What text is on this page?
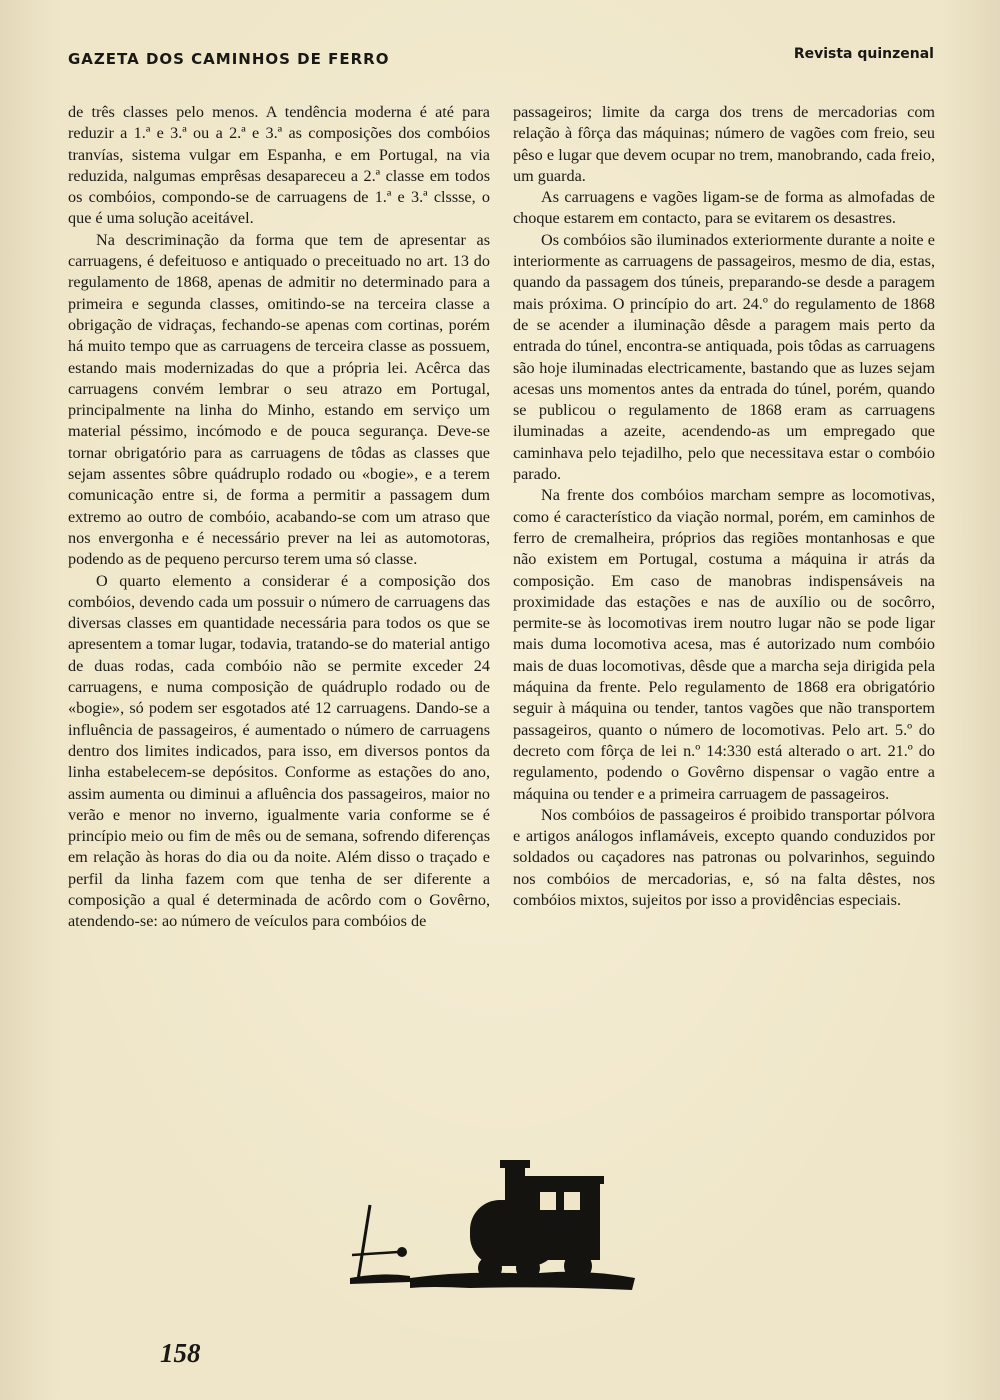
GAZETA DOS CAMINHOS DE FERRO	Revista quinzenal

de três classes pelo menos. A tendência moderna é até para reduzir a 1.ª e 3.ª ou a 2.ª e 3.ª as composições dos combóios tranvías, sistema vulgar em Espanha, e em Portugal, na via reduzida, nalgumas emprêsas desapareceu a 2.ª classe em todos os combóios, compondo-se de carruagens de 1.ª e 3.ª clssse, o que é uma solução aceitável.

Na descriminação da forma que tem de apresentar as carruagens, é defeituoso e antiquado o preceituado no art. 13 do regulamento de 1868, apenas de admitir no determinado para a primeira e segunda classes, omitindo-se na terceira classe a obrigação de vidraças, fechando-se apenas com cortinas, porém há muito tempo que as carruagens de terceira classe as possuem, estando mais modernizadas do que a própria lei. Acêrca das carruagens convém lembrar o seu atrazo em Portugal, principalmente na linha do Minho, estando em serviço um material péssimo, incómodo e de pouca segurança. Deve-se tornar obrigatório para as carruagens de tôdas as classes que sejam assentes sôbre quádruplo rodado ou «bogie», e a terem comunicação entre si, de forma a permitir a passagem dum extremo ao outro de combóio, acabando-se com um atraso que nos envergonha e é necessário prever na lei as automotoras, podendo as de pequeno percurso terem uma só classe.

O quarto elemento a considerar é a composição dos combóios, devendo cada um possuir o número de carruagens das diversas classes em quantidade necessária para todos os que se apresentem a tomar lugar, todavia, tratando-se do material antigo de duas rodas, cada combóio não se permite exceder 24 carruagens, e numa composição de quádruplo rodado ou de «bogie», só podem ser esgotados até 12 carruagens. Dando-se a influência de passageiros, é aumentado o número de carruagens dentro dos limites indicados, para isso, em diversos pontos da linha estabelecem-se depósitos. Conforme as estações do ano, assim aumenta ou diminui a afluência dos passageiros, maior no verão e menor no inverno, igualmente varia conforme se é princípio meio ou fim de mês ou de semana, sofrendo diferenças em relação às horas do dia ou da noite. Além disso o traçado e perfil da linha fazem com que tenha de ser diferente a composição a qual é determinada de acôrdo com o Govêrno, atendendo-se: ao número de veículos para combóios de

passageiros; limite da carga dos trens de mercadorias com relação à fôrça das máquinas; número de vagões com freio, seu pêso e lugar que devem ocupar no trem, manobrando, cada freio, um guarda.

As carruagens e vagões ligam-se de forma as almofadas de choque estarem em contacto, para se evitarem os desastres.

Os combóios são iluminados exteriormente durante a noite e interiormente as carruagens de passageiros, mesmo de dia, estas, quando da passagem dos túneis, preparando-se desde a paragem mais próxima. O princípio do art. 24.º do regulamento de 1868 de se acender a iluminação dêsde a paragem mais perto da entrada do túnel, encontra-se antiquada, pois tôdas as carruagens são hoje iluminadas electricamente, bastando que as luzes sejam acesas uns momentos antes da entrada do túnel, porém, quando se publicou o regulamento de 1868 eram as carruagens iluminadas a azeite, acendendo-as um empregado que caminhava pelo tejadilho, pelo que necessitava estar o combóio parado.

Na frente dos combóios marcham sempre as locomotivas, como é característico da viação normal, porém, em caminhos de ferro de cremalheira, próprios das regiões montanhosas e que não existem em Portugal, costuma a máquina ir atrás da composição. Em caso de manobras indispensáveis na proximidade das estações e nas de auxílio ou de socôrro, permite-se às locomotivas irem noutro lugar não se pode ligar mais duma locomotiva acesa, mas é autorizado num combóio mais de duas locomotivas, dêsde que a marcha seja dirigida pela máquina da frente. Pelo regulamento de 1868 era obrigatório seguir à máquina ou tender, tantos vagões que não transportem passageiros, quanto o número de locomotivas. Pelo art. 5.º do decreto com fôrça de lei n.º 14:330 está alterado o art. 21.º do regulamento, podendo o Govêrno dispensar o vagão entre a máquina ou tender e a primeira carruagem de passageiros.

Nos combóios de passageiros é proibido transportar pólvora e artigos análogos inflamáveis, excepto quando conduzidos por soldados ou caçadores nas patronas ou polvarinhos, seguindo nos combóios de mercadorias, e, só na falta dêstes, nos combóios mixtos, sujeitos por isso a providências especiais.

158
